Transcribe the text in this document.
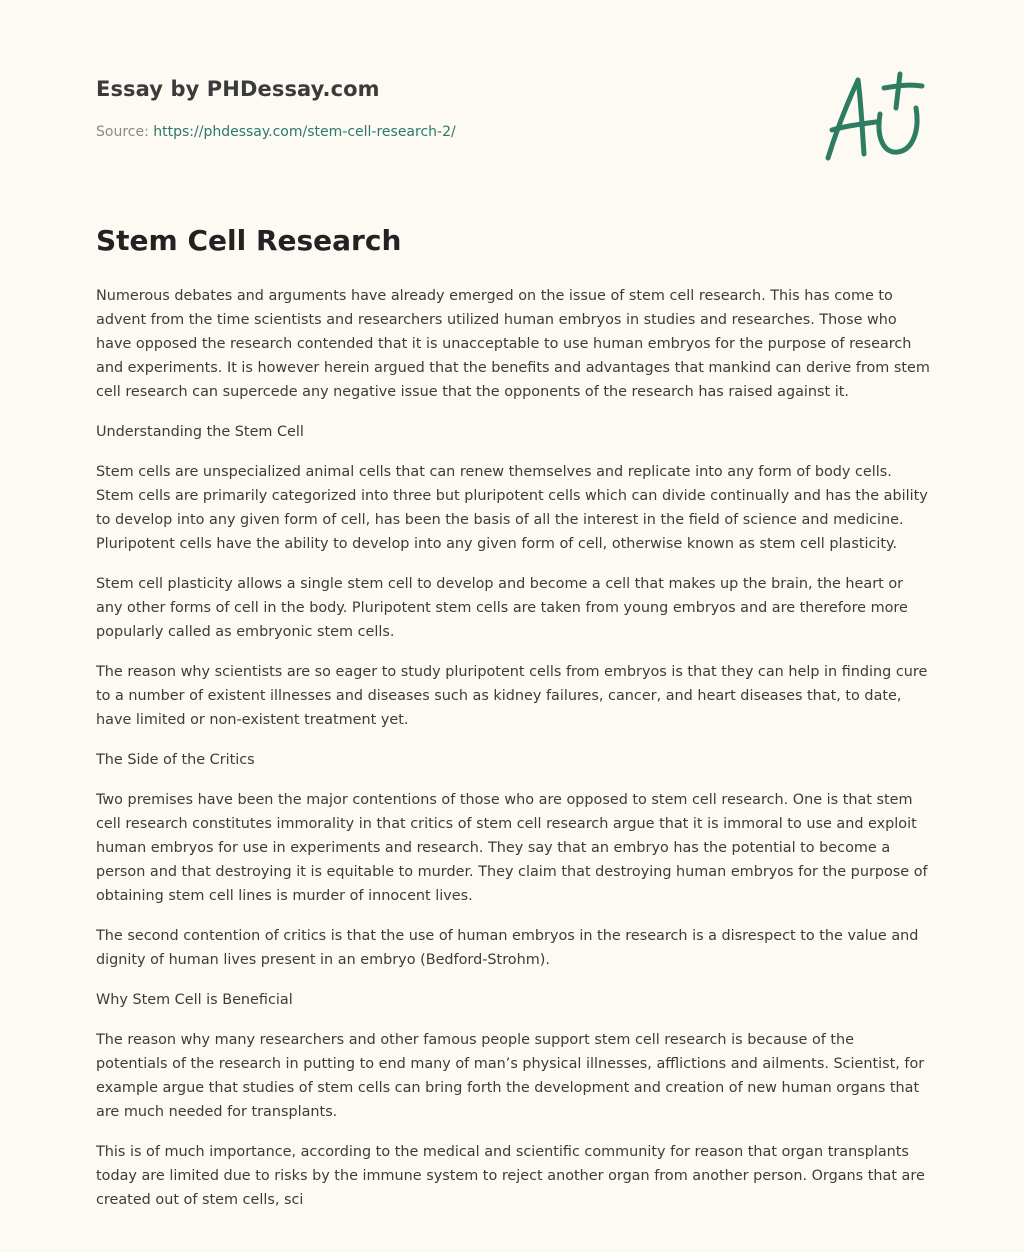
Essay by PHDessay.com

Source: https://phdessay.com/stem-cell-research-2/

Stem Cell Research

Numerous debates and arguments have already emerged on the issue of stem cell research. This has come to advent from the time scientists and researchers utilized human embryos in studies and researches. Those who have opposed the research contended that it is unacceptable to use human embryos for the purpose of research and experiments. It is however herein argued that the benefits and advantages that mankind can derive from stem cell research can supercede any negative issue that the opponents of the research has raised against it.

Understanding the Stem Cell

Stem cells are unspecialized animal cells that can renew themselves and replicate into any form of body cells. Stem cells are primarily categorized into three but pluripotent cells which can divide continually and has the ability to develop into any given form of cell, has been the basis of all the interest in the field of science and medicine. Pluripotent cells have the ability to develop into any given form of cell, otherwise known as stem cell plasticity.

Stem cell plasticity allows a single stem cell to develop and become a cell that makes up the brain, the heart or any other forms of cell in the body. Pluripotent stem cells are taken from young embryos and are therefore more popularly called as embryonic stem cells.

The reason why scientists are so eager to study pluripotent cells from embryos is that they can help in finding cure to a number of existent illnesses and diseases such as kidney failures, cancer, and heart diseases that, to date, have limited or non-existent treatment yet.

The Side of the Critics

Two premises have been the major contentions of those who are opposed to stem cell research. One is that stem cell research constitutes immorality in that critics of stem cell research argue that it is immoral to use and exploit human embryos for use in experiments and research. They say that an embryo has the potential to become a person and that destroying it is equitable to murder. They claim that destroying human embryos for the purpose of obtaining stem cell lines is murder of innocent lives.

The second contention of critics is that the use of human embryos in the research is a disrespect to the value and dignity of human lives present in an embryo (Bedford-Strohm).

Why Stem Cell is Beneficial

The reason why many researchers and other famous people support stem cell research is because of the potentials of the research in putting to end many of man’s physical illnesses, afflictions and ailments. Scientist, for example argue that studies of stem cells can bring forth the development and creation of new human organs that are much needed for transplants.

This is of much importance, according to the medical and scientific community for reason that organ transplants today are limited due to risks by the immune system to reject another organ from another person. Organs that are created out of stem cells, sci
